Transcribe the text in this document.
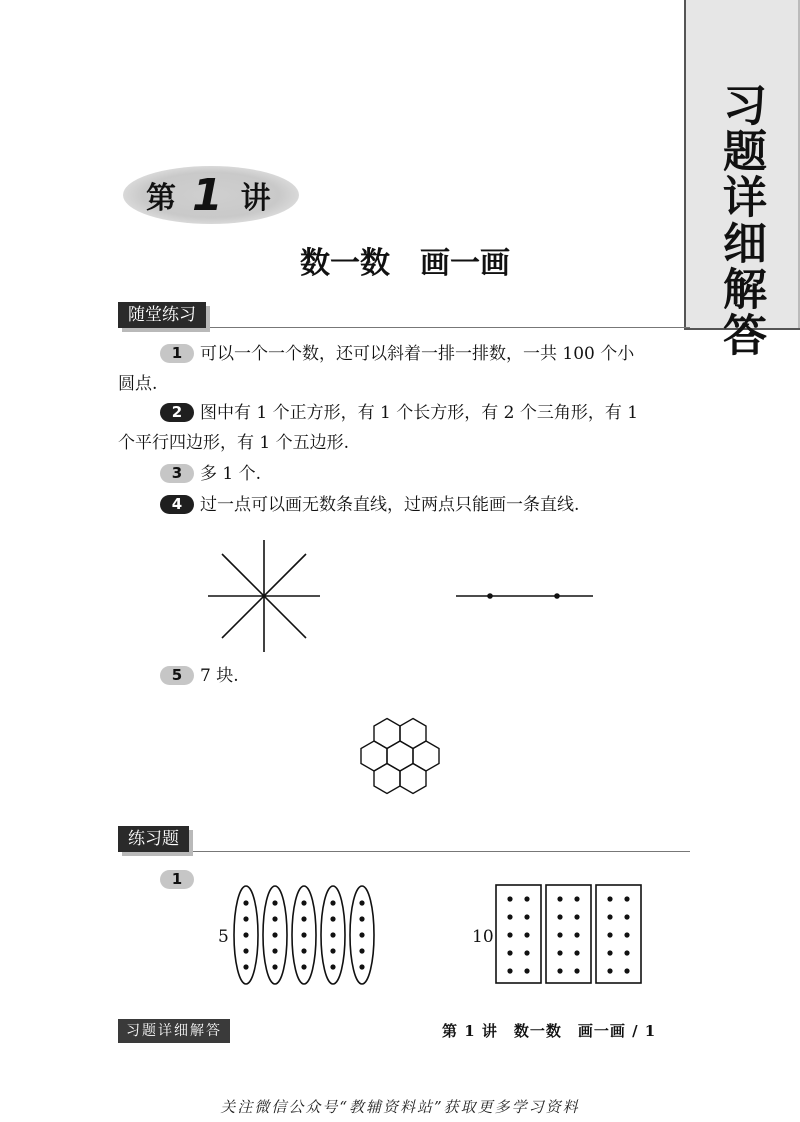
习题详细解答
第 1 讲
数一数　画一画
随堂练习
1 可以一个一个数，还可以斜着一排一排数，一共 100 个小
圆点.
2 图中有 1 个正方形，有 1 个长方形，有 2 个三角形，有 1
个平行四边形，有 1 个五边形.
3 多 1 个.
4 过一点可以画无数条直线，过两点只能画一条直线.
5 7 块.
练习题
1
5	10
习题详细解答	第 1 讲　数一数　画一画 / 1
关注微信公众号“教辅资料站”获取更多学习资料
